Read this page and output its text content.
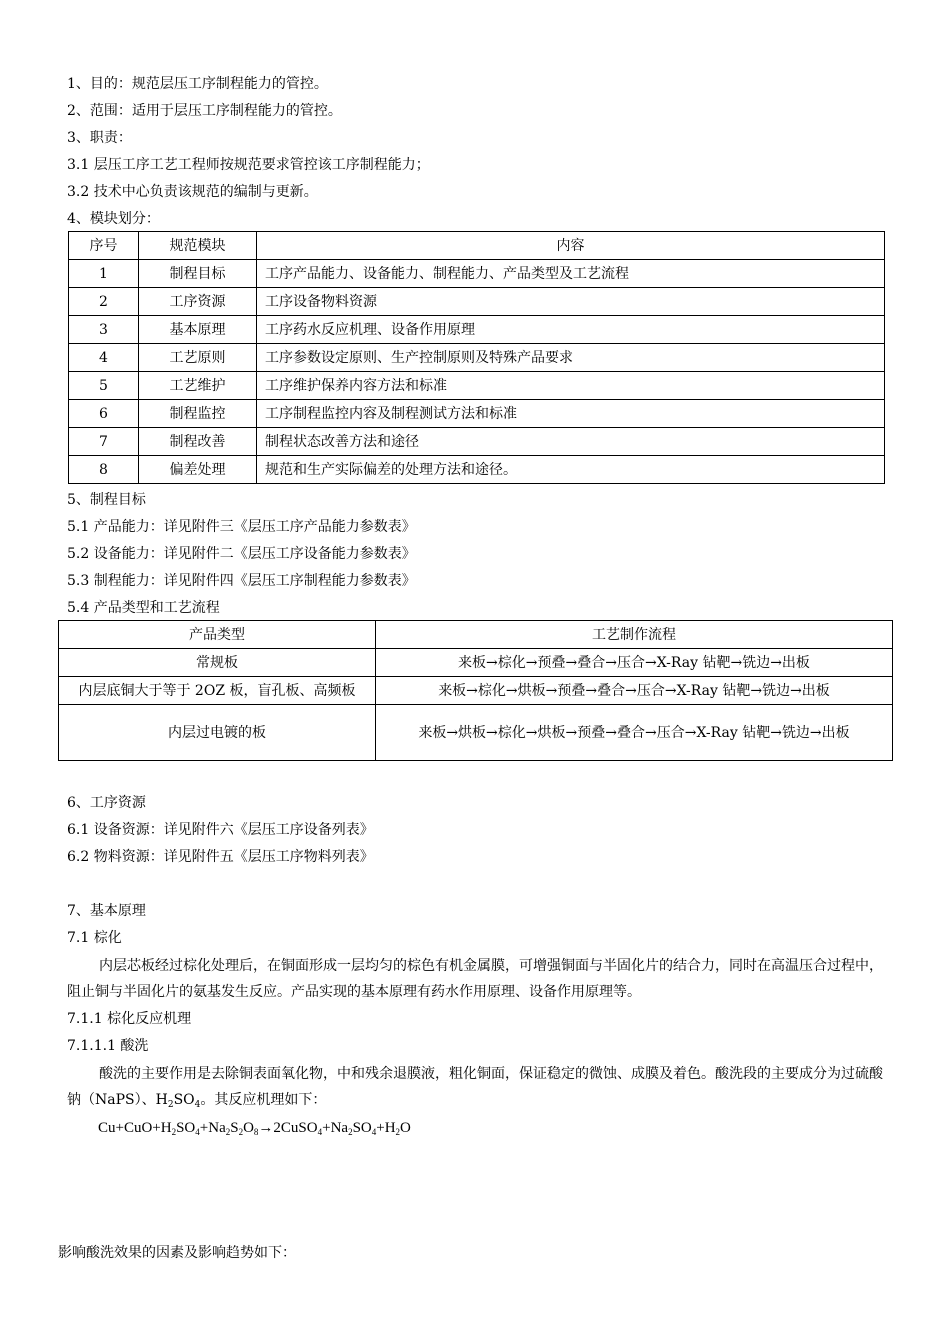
1、目的：规范层压工序制程能力的管控。
2、范围：适用于层压工序制程能力的管控。
3、职责：
3.1 层压工序工艺工程师按规范要求管控该工序制程能力；
3.2 技术中心负责该规范的编制与更新。
4、模块划分：
序号	规范模块	内容
1	制程目标	工序产品能力、设备能力、制程能力、产品类型及工艺流程
2	工序资源	工序设备物料资源
3	基本原理	工序药水反应机理、设备作用原理
4	工艺原则	工序参数设定原则、生产控制原则及特殊产品要求
5	工艺维护	工序维护保养内容方法和标准
6	制程监控	工序制程监控内容及制程测试方法和标准
7	制程改善	制程状态改善方法和途径
8	偏差处理	规范和生产实际偏差的处理方法和途径。
5、制程目标
5.1 产品能力：详见附件三《层压工序产品能力参数表》
5.2 设备能力：详见附件二《层压工序设备能力参数表》
5.3 制程能力：详见附件四《层压工序制程能力参数表》
5.4 产品类型和工艺流程
产品类型	工艺制作流程
常规板	来板→棕化→预叠→叠合→压合→X-Ray 钻靶→铣边→出板
内层底铜大于等于 2OZ 板，盲孔板、高频板	来板→棕化→烘板→预叠→叠合→压合→X-Ray 钻靶→铣边→出板
内层过电镀的板	来板→烘板→棕化→烘板→预叠→叠合→压合→X-Ray 钻靶→铣边→出板
6、工序资源
6.1 设备资源：详见附件六《层压工序设备列表》
6.2 物料资源：详见附件五《层压工序物料列表》
7、基本原理
7.1 棕化
内层芯板经过棕化处理后，在铜面形成一层均匀的棕色有机金属膜，可增强铜面与半固化片的结合力，同时在高温压合过程中，阻止铜与半固化片的氨基发生反应。产品实现的基本原理有药水作用原理、设备作用原理等。
7.1.1 棕化反应机理
7.1.1.1 酸洗
酸洗的主要作用是去除铜表面氧化物，中和残余退膜液，粗化铜面，保证稳定的微蚀、成膜及着色。酸洗段的主要成分为过硫酸钠（NaPS）、$H_2SO_4$。其反应机理如下：
$Cu+CuO+H_2SO_4+Na_2S_2O_8\to 2CuSO_4+Na_2SO_4+H_2O$
影响酸洗效果的因素及影响趋势如下：
